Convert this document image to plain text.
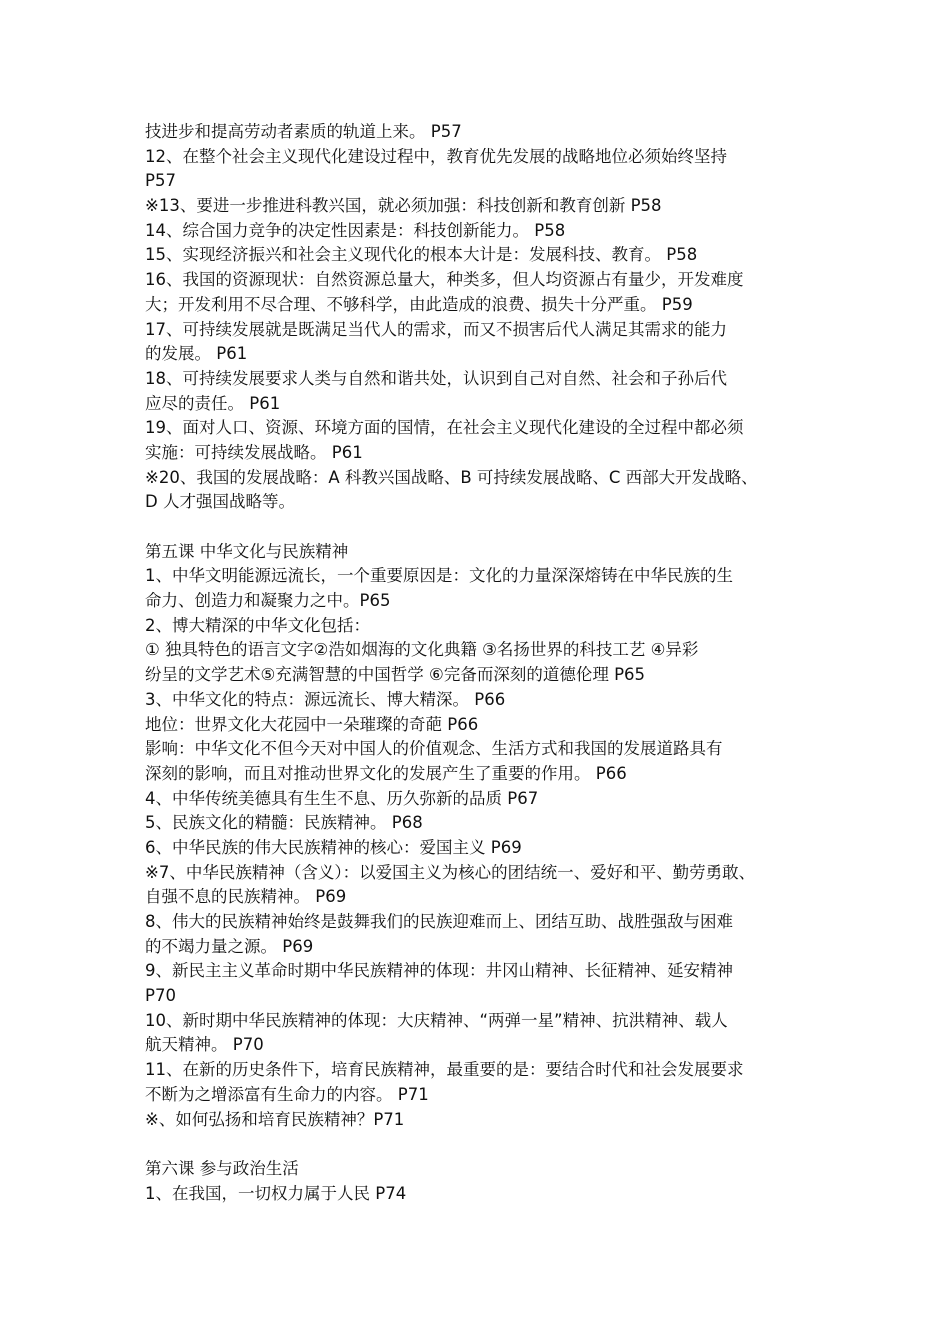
技进步和提高劳动者素质的轨道上来。 P57
12、在整个社会主义现代化建设过程中，教育优先发展的战略地位必须始终坚持
P57
※13、要进一步推进科教兴国，就必须加强：科技创新和教育创新 P58
14、综合国力竞争的决定性因素是：科技创新能力。 P58
15、实现经济振兴和社会主义现代化的根本大计是：发展科技、教育。 P58
16、我国的资源现状：自然资源总量大，种类多，但人均资源占有量少，开发难度
大；开发利用不尽合理、不够科学，由此造成的浪费、损失十分严重。 P59
17、可持续发展就是既满足当代人的需求，而又不损害后代人满足其需求的能力
的发展。 P61
18、可持续发展要求人类与自然和谐共处，认识到自己对自然、社会和子孙后代
应尽的责任。 P61
19、面对人口、资源、环境方面的国情，在社会主义现代化建设的全过程中都必须
实施：可持续发展战略。 P61
※20、我国的发展战略：A 科教兴国战略、B 可持续发展战略、C 西部大开发战略、
D 人才强国战略等。
第五课 中华文化与民族精神
1、中华文明能源远流长，一个重要原因是：文化的力量深深熔铸在中华民族的生
命力、创造力和凝聚力之中。P65
2、博大精深的中华文化包括：
① 独具特色的语言文字②浩如烟海的文化典籍 ③名扬世界的科技工艺 ④异彩
纷呈的文学艺术⑤充满智慧的中国哲学 ⑥完备而深刻的道德伦理 P65
3、中华文化的特点：源远流长、博大精深。 P66
地位：世界文化大花园中一朵璀璨的奇葩 P66
影响：中华文化不但今天对中国人的价值观念、生活方式和我国的发展道路具有
深刻的影响，而且对推动世界文化的发展产生了重要的作用。 P66
4、中华传统美德具有生生不息、历久弥新的品质 P67
5、民族文化的精髓：民族精神。 P68
6、中华民族的伟大民族精神的核心：爱国主义 P69
※7、中华民族精神（含义）：以爱国主义为核心的团结统一、爱好和平、勤劳勇敢、
自强不息的民族精神。 P69
8、伟大的民族精神始终是鼓舞我们的民族迎难而上、团结互助、战胜强敌与困难
的不竭力量之源。 P69
9、新民主主义革命时期中华民族精神的体现：井冈山精神、长征精神、延安精神
P70
10、新时期中华民族精神的体现：大庆精神、“两弹一星”精神、抗洪精神、载人
航天精神。 P70
11、在新的历史条件下，培育民族精神，最重要的是：要结合时代和社会发展要求
不断为之增添富有生命力的内容。 P71
※、如何弘扬和培育民族精神？P71
第六课 参与政治生活
1、在我国，一切权力属于人民 P74
